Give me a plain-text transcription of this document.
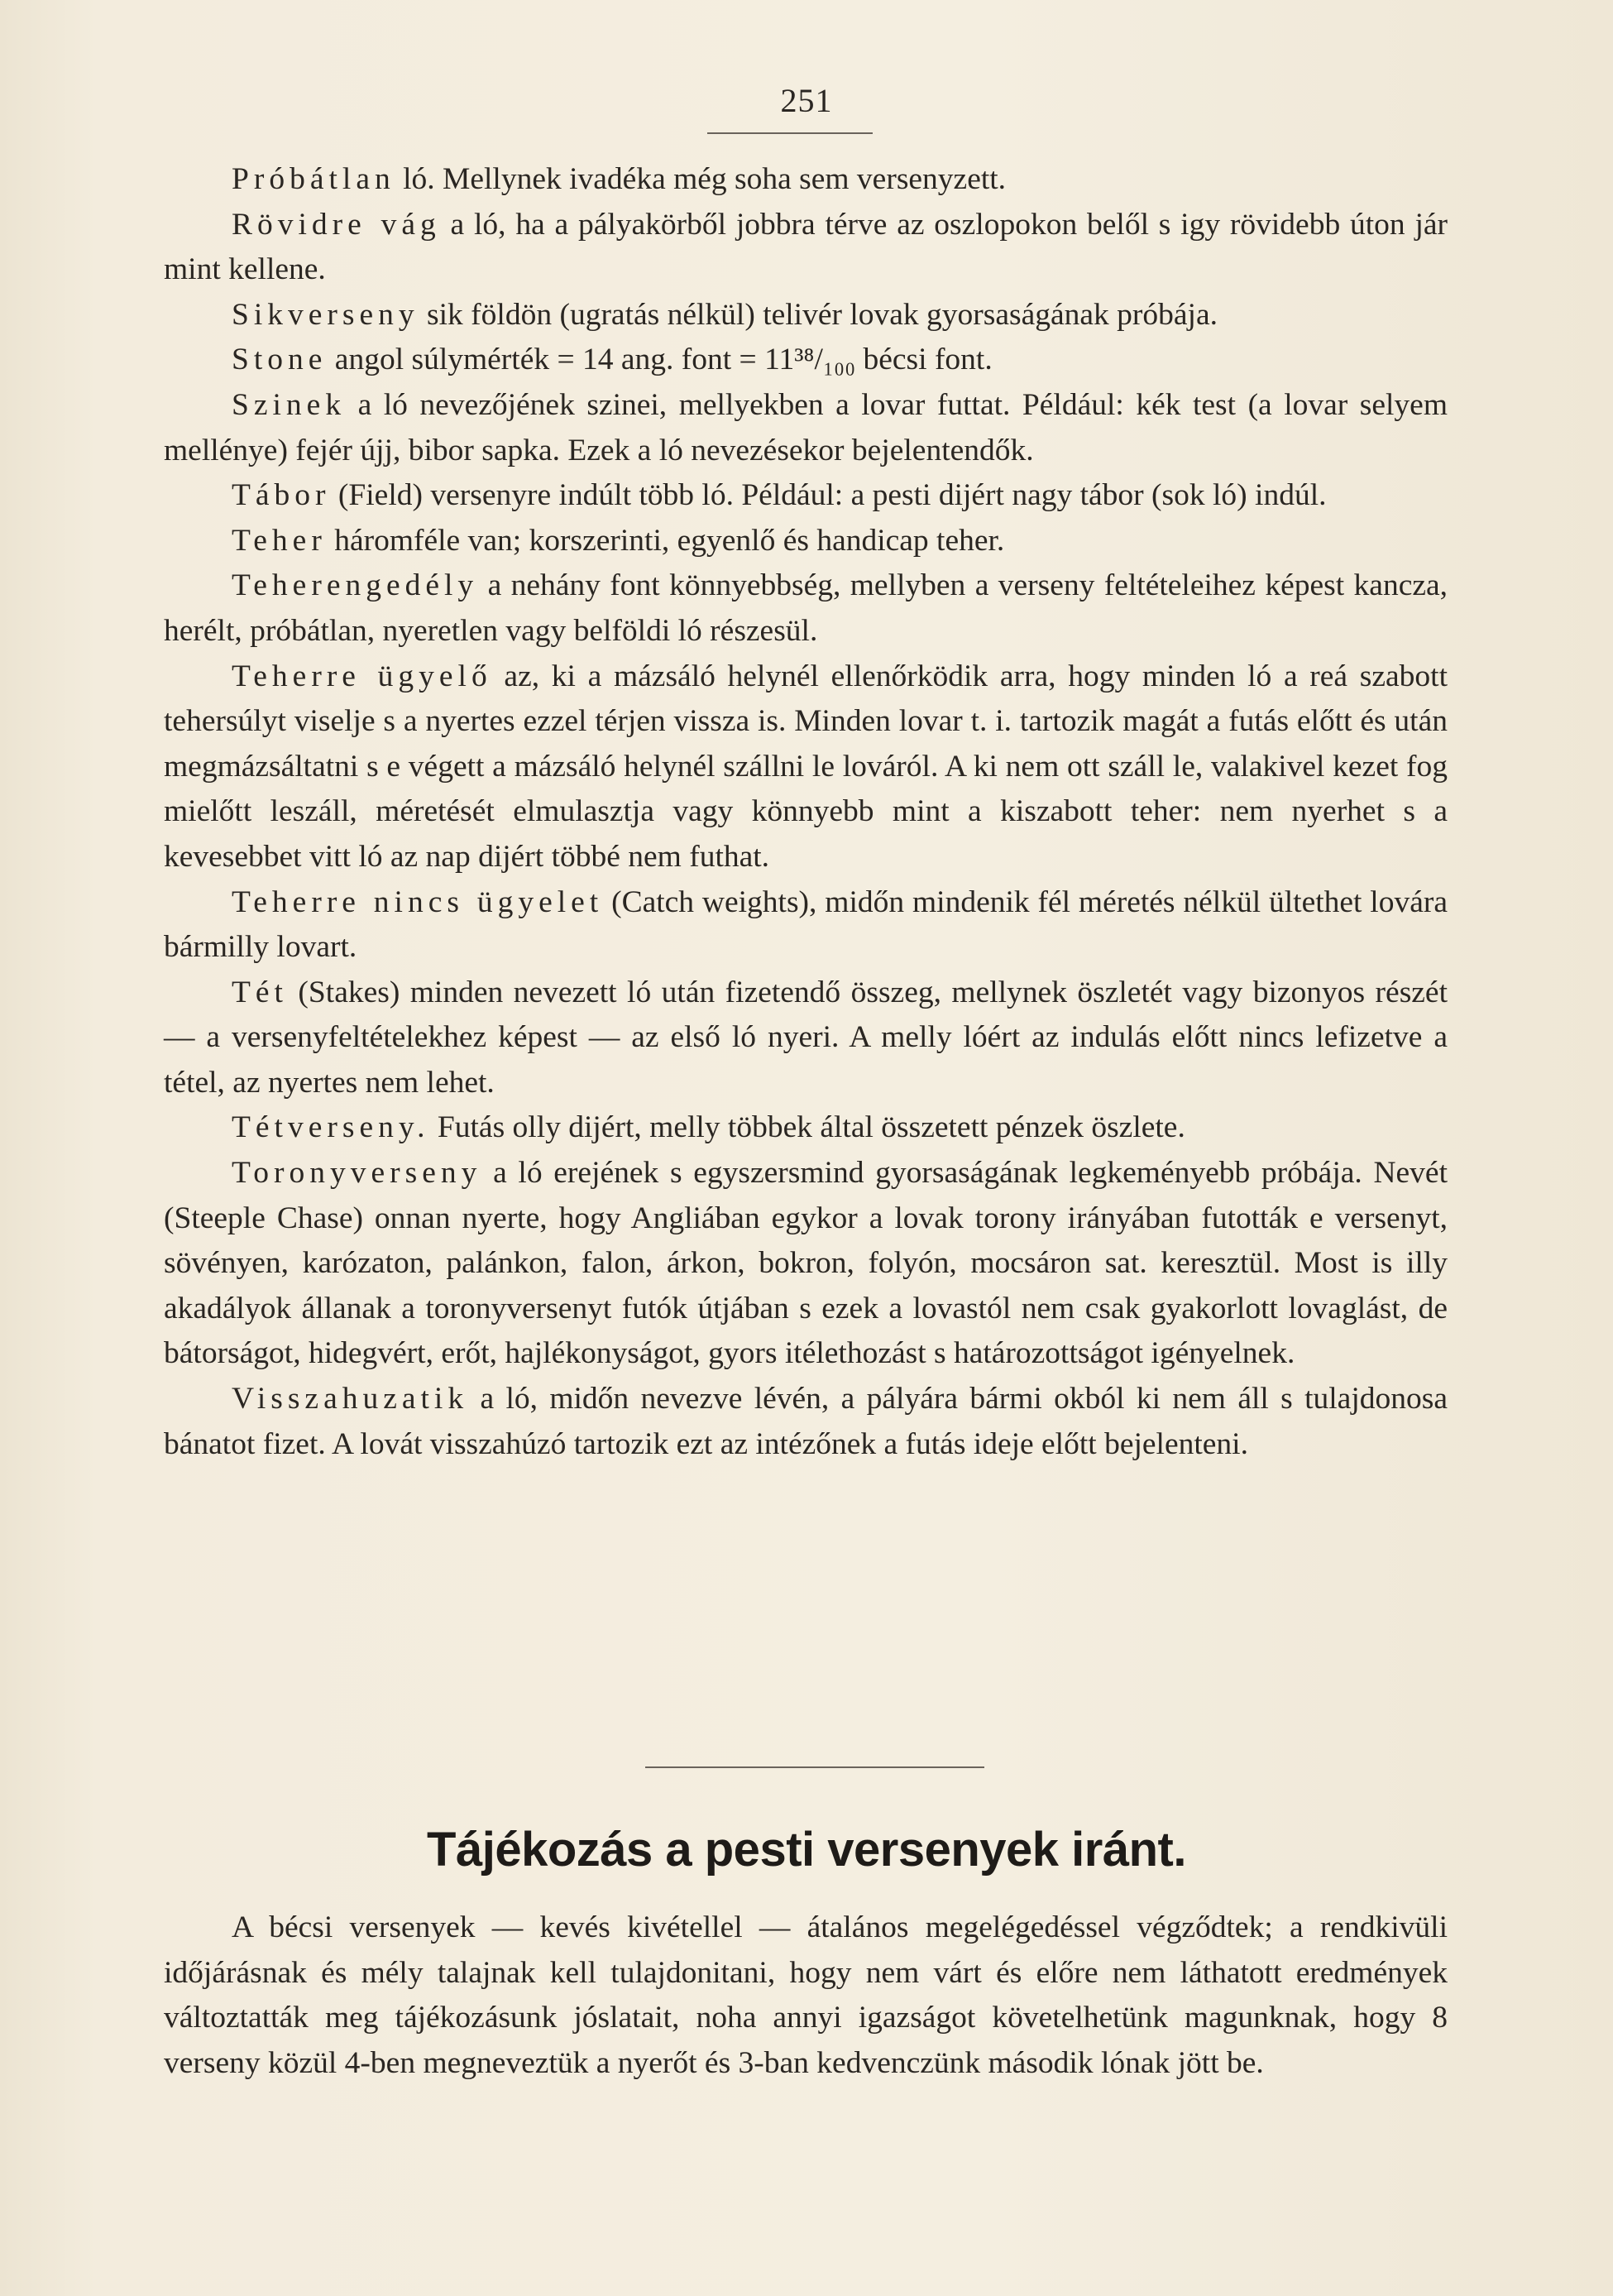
251

Próbátlan ló. Mellynek ivadéka még soha sem versenyzett.

Rövidre vág a ló, ha a pályakörből jobbra térve az oszlopokon belől s igy rövidebb úton jár mint kellene.

Sikverseny sik földön (ugratás nélkül) telivér lovak gyorsaságának próbája.

Stone angol súlymérték = 14 ang. font = 11³⁸/₁₀₀ bécsi font.

Szinek a ló nevezőjének szinei, mellyekben a lovar futtat. Például: kék test (a lovar selyem mellénye) fejér újj, bibor sapka. Ezek a ló nevezésekor bejelentendők.

Tábor (Field) versenyre indúlt több ló. Például: a pesti dijért nagy tábor (sok ló) indúl.

Teher háromféle van; korszerinti, egyenlő és handicap teher.

Teherengedély a nehány font könnyebbség, mellyben a verseny feltételeihez képest kancza, herélt, próbátlan, nyeretlen vagy belföldi ló részesül.

Teherre ügyelő az, ki a mázsáló helynél ellenőrködik arra, hogy minden ló a reá szabott tehersúlyt viselje s a nyertes ezzel térjen vissza is. Minden lovar t. i. tartozik magát a futás előtt és után megmázsáltatni s e végett a mázsáló helynél szállni le lováról. A ki nem ott száll le, valakivel kezet fog mielőtt leszáll, méretését elmulasztja vagy könnyebb mint a kiszabott teher: nem nyerhet s a kevesebbet vitt ló az nap dijért többé nem futhat.

Teherre nincs ügyelet (Catch weights), midőn mindenik fél méretés nélkül ültethet lovára bármilly lovart.

Tét (Stakes) minden nevezett ló után fizetendő összeg, mellynek öszletét vagy bizonyos részét — a versenyfeltételekhez képest — az első ló nyeri. A melly lóért az indulás előtt nincs lefizetve a tétel, az nyertes nem lehet.

Tétverseny. Futás olly dijért, melly többek által összetett pénzek öszlete.

Toronyverseny a ló erejének s egyszersmind gyorsaságának legkeményebb próbája. Nevét (Steeple Chase) onnan nyerte, hogy Angliában egykor a lovak torony irányában futották e versenyt, sövényen, karózaton, palánkon, falon, árkon, bokron, folyón, mocsáron sat. keresztül. Most is illy akadályok állanak a toronyversenyt futók útjában s ezek a lovastól nem csak gyakorlott lovaglást, de bátorságot, hidegvért, erőt, hajlékonyságot, gyors itélethozást s határozottságot igényelnek.

Visszahuzatik a ló, midőn nevezve lévén, a pályára bármi okból ki nem áll s tulajdonosa bánatot fizet. A lovát visszahúzó tartozik ezt az intézőnek a futás ideje előtt bejelenteni.

Tájékozás a pesti versenyek iránt.

A bécsi versenyek — kevés kivétellel — átalános megelégedéssel végződtek; a rendkivüli időjárásnak és mély talajnak kell tulajdonitani, hogy nem várt és előre nem láthatott eredmények változtatták meg tájékozásunk jóslatait, noha annyi igazságot követelhetünk magunknak, hogy 8 verseny közül 4-ben megneveztük a nyerőt és 3-ban kedvenczünk második lónak jött be.
